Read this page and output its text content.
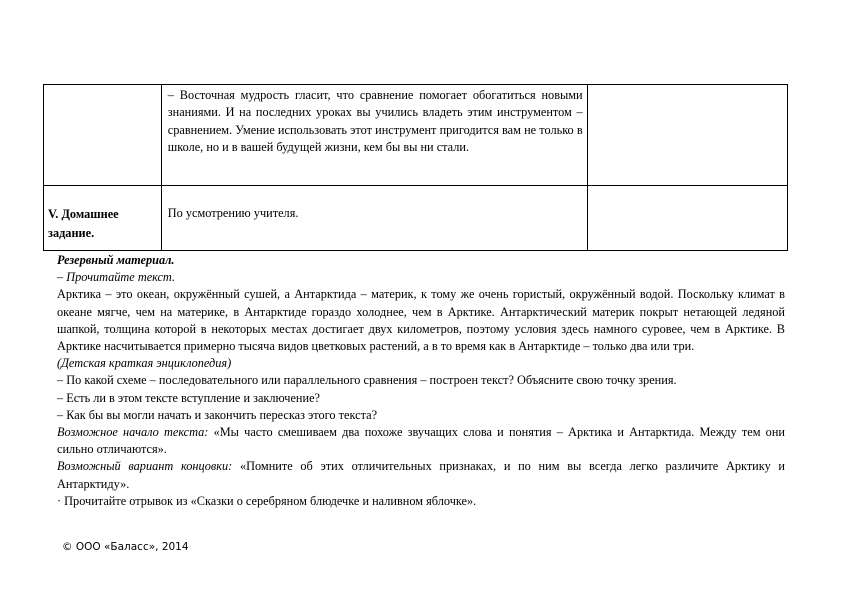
	– Восточная мудрость гласит, что сравнение помогает обогатиться новыми знаниями. И на последних уроках вы учились владеть этим инструментом – сравнением. Умение использовать этот инструмент пригодится вам не только в школе, но и в вашей будущей жизни, кем бы вы ни стали.	

V. Домашнее задание.	По усмотрению учителя.	

Резервный материал.

– Прочитайте текст.

Арктика – это океан, окружённый сушей, а Антарктида – материк, к тому же очень гористый, окружённый водой. Поскольку климат в океане мягче, чем на материке, в Антарктиде гораздо холоднее, чем в Арктике. Антарктический материк покрыт нетающей ледяной шапкой, толщина которой в некоторых местах достигает двух километров, поэтому условия здесь намного суровее, чем в Арктике. В Арктике насчитывается примерно тысяча видов цветковых растений, а в то время как в Антарктиде – только два или три.

(Детская краткая энциклопедия)

– По какой схеме – последовательного или параллельного сравнения – построен текст? Объясните свою точку зрения.

– Есть ли в этом тексте вступление и заключение?

– Как бы вы могли начать и закончить пересказ этого текста?

Возможное начало текста: «Мы часто смешиваем два похоже звучащих слова и понятия – Арктика и Антарктида. Между тем они сильно отличаются».

Возможный вариант концовки: «Помните об этих отличительных признаках, и по ним вы всегда легко различите Арктику и Антарктиду».

· Прочитайте отрывок из «Сказки о серебряном блюдечке и наливном яблочке».

© ООО «Баласс», 2014
